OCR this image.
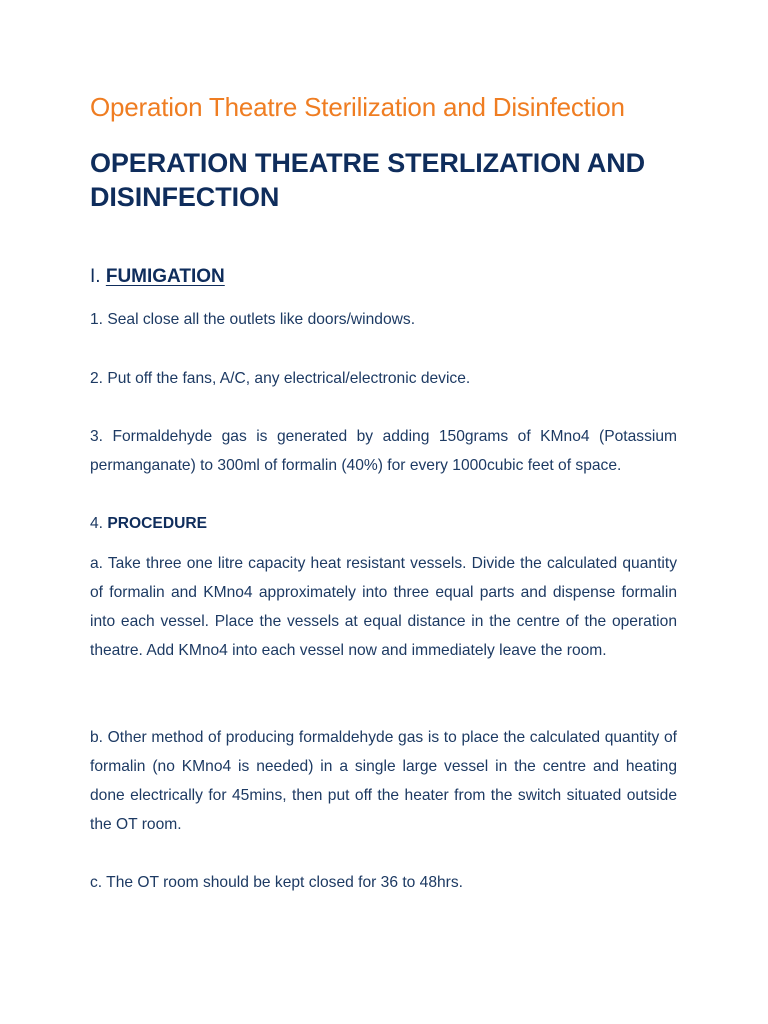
Operation Theatre Sterilization and Disinfection
OPERATION THEATRE STERLIZATION AND DISINFECTION
I. FUMIGATION

1. Seal close all the outlets like doors/windows.

2. Put off the fans, A/C, any electrical/electronic device.

3. Formaldehyde gas is generated by adding 150grams of KMno4 (Potassium permanganate) to 300ml of formalin (40%) for every 1000cubic feet of space.

4. PROCEDURE

a. Take three one litre capacity heat resistant vessels. Divide the calculated quantity of formalin and KMno4 approximately into three equal parts and dispense formalin into each vessel. Place the vessels at equal distance in the centre of the operation theatre. Add KMno4 into each vessel now and immediately leave the room.

b. Other method of producing formaldehyde gas is to place the calculated quantity of formalin (no KMno4 is needed) in a single large vessel in the centre and heating done electrically for 45mins, then put off the heater from the switch situated outside the OT room.

c. The OT room should be kept closed for 36 to 48hrs.
